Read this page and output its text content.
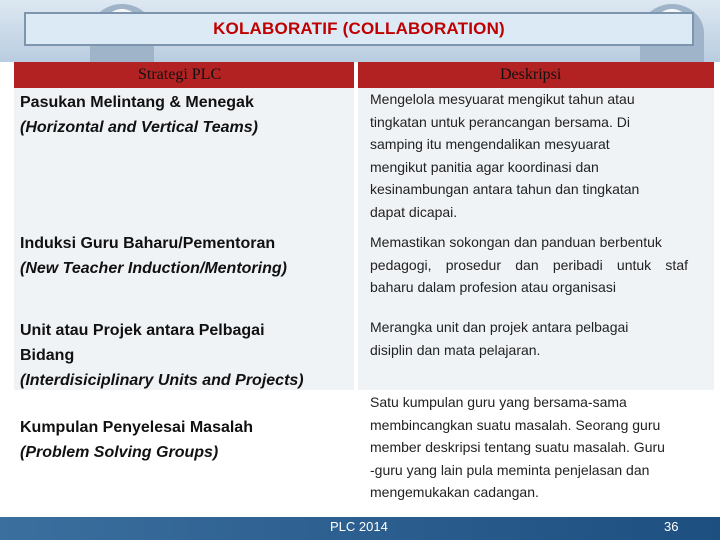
KOLABORATIF (COLLABORATION)
Strategi PLC	Deskripsi
Pasukan Melintang & Menegak
(Horizontal and Vertical Teams)
Mengelola mesyuarat mengikut tahun atau
tingkatan untuk perancangan bersama. Di
samping itu mengendalikan mesyuarat
mengikut panitia agar koordinasi dan
kesinambungan antara tahun dan tingkatan
dapat dicapai.
Induksi Guru Baharu/Pementoran
(New Teacher Induction/Mentoring)
Memastikan sokongan dan panduan berbentuk
pedagogi, prosedur dan peribadi untuk staf
baharu dalam profesion atau organisasi
Unit atau Projek antara Pelbagai
Bidang
(Interdisiciplinary Units and Projects)
Merangka unit dan projek antara pelbagai
disiplin dan mata pelajaran.
Kumpulan Penyelesai Masalah
(Problem Solving Groups)
Satu kumpulan guru yang bersama-sama
membincangkan suatu masalah. Seorang guru
member deskripsi tentang suatu masalah. Guru
-guru yang lain pula meminta penjelasan dan
mengemukakan cadangan.
PLC 2014	36
